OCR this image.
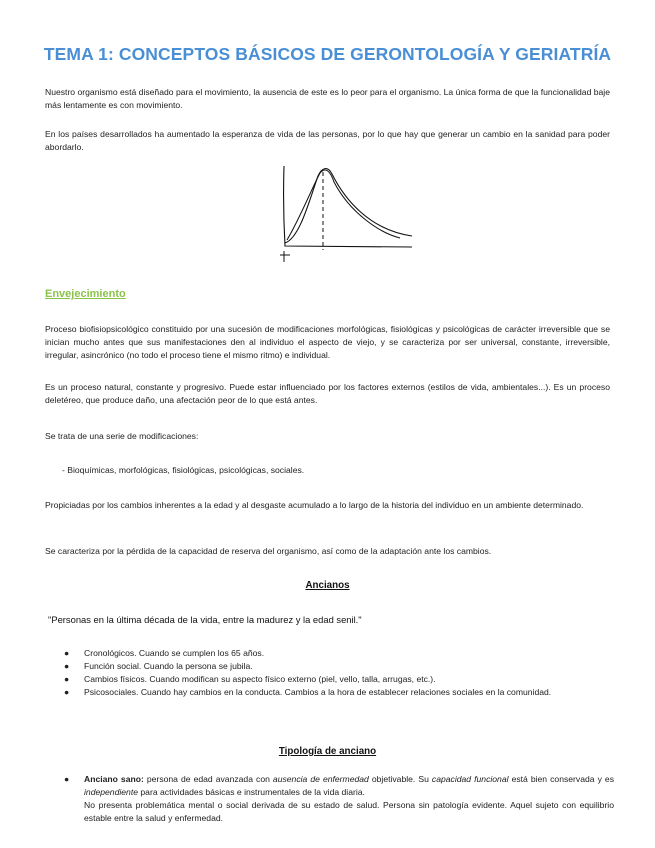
TEMA 1: CONCEPTOS BÁSICOS DE GERONTOLOGÍA Y GERIATRÍA

Nuestro organismo está diseñado para el movimiento, la ausencia de este es lo peor para el organismo. La única forma de que la funcionalidad baje más lentamente es con movimiento.

En los países desarrollados ha aumentado la esperanza de vida de las personas, por lo que hay que generar un cambio en la sanidad para poder abordarlo.

Envejecimiento

Proceso biofisiopsicológico constituido por una sucesión de modificaciones morfológicas, fisiológicas y psicológicas de carácter irreversible que se inician mucho antes que sus manifestaciones den al individuo el aspecto de viejo, y se caracteriza por ser universal, constante, irreversible, irregular, asincrónico (no todo el proceso tiene el mismo ritmo) e individual.

Es un proceso natural, constante y progresivo. Puede estar influenciado por los factores externos (estilos de vida, ambientales...). Es un proceso deletéreo, que produce daño, una afectación peor de lo que está antes.

Se trata de una serie de modificaciones:

- Bioquímicas, morfológicas, fisiológicas, psicológicas, sociales.

Propiciadas por los cambios inherentes a la edad y al desgaste acumulado a lo largo de la historia del individuo en un ambiente determinado.

Se caracteriza por la pérdida de la capacidad de reserva del organismo, así como de la adaptación ante los cambios.

Ancianos

"Personas en la última década de la vida, entre la madurez y la edad senil."

● Cronológicos. Cuando se cumplen los 65 años.
● Función social. Cuando la persona se jubila.
● Cambios físicos. Cuando modifican su aspecto físico externo (piel, vello, talla, arrugas, etc.).
● Psicosociales. Cuando hay cambios en la conducta. Cambios a la hora de establecer relaciones sociales en la comunidad.
Tipología de anciano
● Anciano sano: persona de edad avanzada con ausencia de enfermedad objetivable. Su capacidad funcional está bien conservada y es independiente para actividades básicas e instrumentales de la vida diaria.
No presenta problemática mental o social derivada de su estado de salud. Persona sin patología evidente. Aquel sujeto con equilibrio estable entre la salud y enfermedad.
